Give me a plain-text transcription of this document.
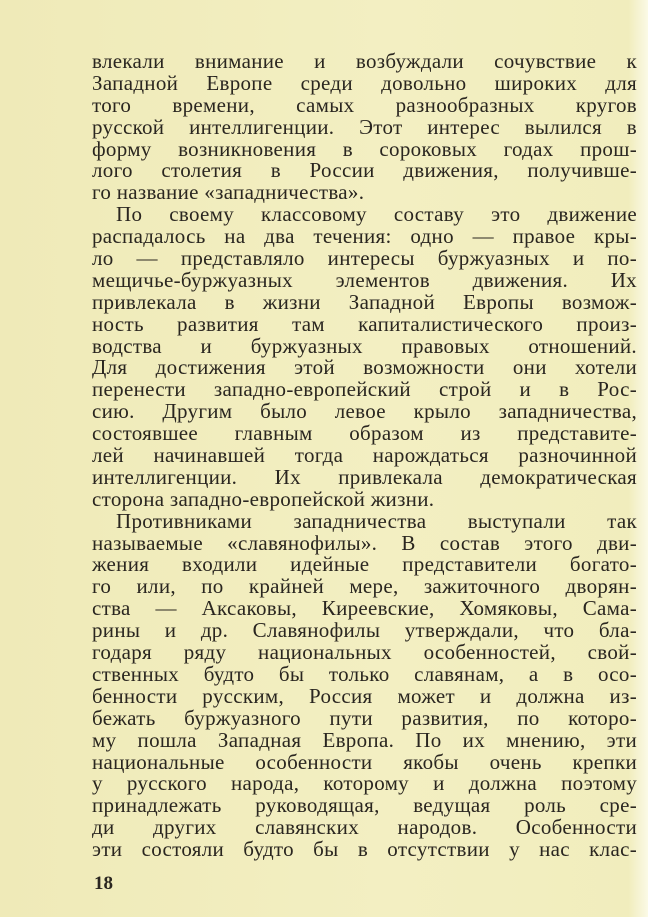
влекали внимание и возбуждали сочувствие к
Западной Европе среди довольно широких для
того времени, самых разнообразных кругов
русской интеллигенции. Этот интерес вылился в
форму возникновения в сороковых годах прош-
лого столетия в России движения, получивше-
го название «западничества».
По своему классовому составу это движение
распадалось на два течения: одно — правое кры-
ло — представляло интересы буржуазных и по-
мещичье-буржуазных элементов движения. Их
привлекала в жизни Западной Европы возмож-
ность развития там капиталистического произ-
водства и буржуазных правовых отношений.
Для достижения этой возможности они хотели
перенести западно-европейский строй и в Рос-
сию. Другим было левое крыло западничества,
состоявшее главным образом из представите-
лей начинавшей тогда нарождаться разночинной
интеллигенции. Их привлекала демократическая
сторона западно-европейской жизни.
Противниками западничества выступали так
называемые «славянофилы». В состав этого дви-
жения входили идейные представители богато-
го или, по крайней мере, зажиточного дворян-
ства — Аксаковы, Киреевские, Хомяковы, Сама-
рины и др. Славянофилы утверждали, что бла-
годаря ряду национальных особенностей, свой-
ственных будто бы только славянам, а в осо-
бенности русским, Россия может и должна из-
бежать буржуазного пути развития, по которо-
му пошла Западная Европа. По их мнению, эти
национальные особенности якобы очень крепки
у русского народа, которому и должна поэтому
принадлежать руководящая, ведущая роль сре-
ди других славянских народов. Особенности
эти состояли будто бы в отсутствии у нас клас-
18
